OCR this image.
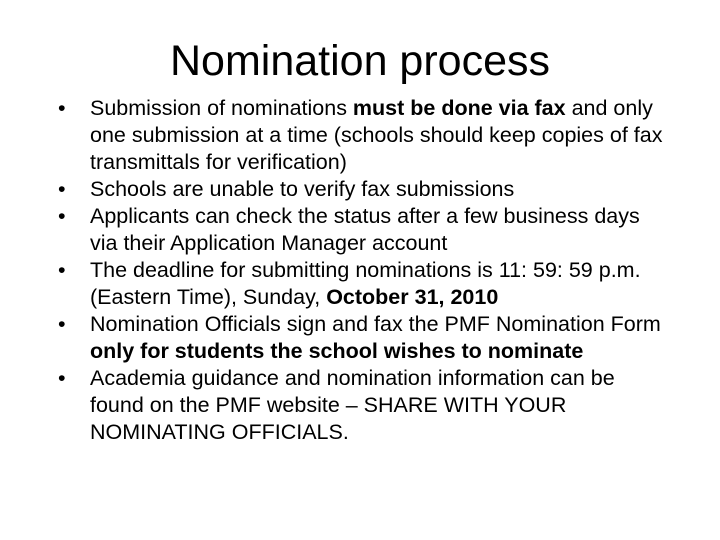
Nomination process
•	Submission of nominations must be done via fax and only one submission at a time (schools should keep copies of fax transmittals for verification)
•	Schools are unable to verify fax submissions
•	Applicants can check the status after a few business days via their Application Manager account
•	The deadline for submitting nominations is 11: 59: 59 p.m. (Eastern Time), Sunday, October 31, 2010
•	Nomination Officials sign and fax the PMF Nomination Form only for students the school wishes to nominate
•	Academia guidance and nomination information can be found on the PMF website – SHARE WITH YOUR NOMINATING OFFICIALS.
